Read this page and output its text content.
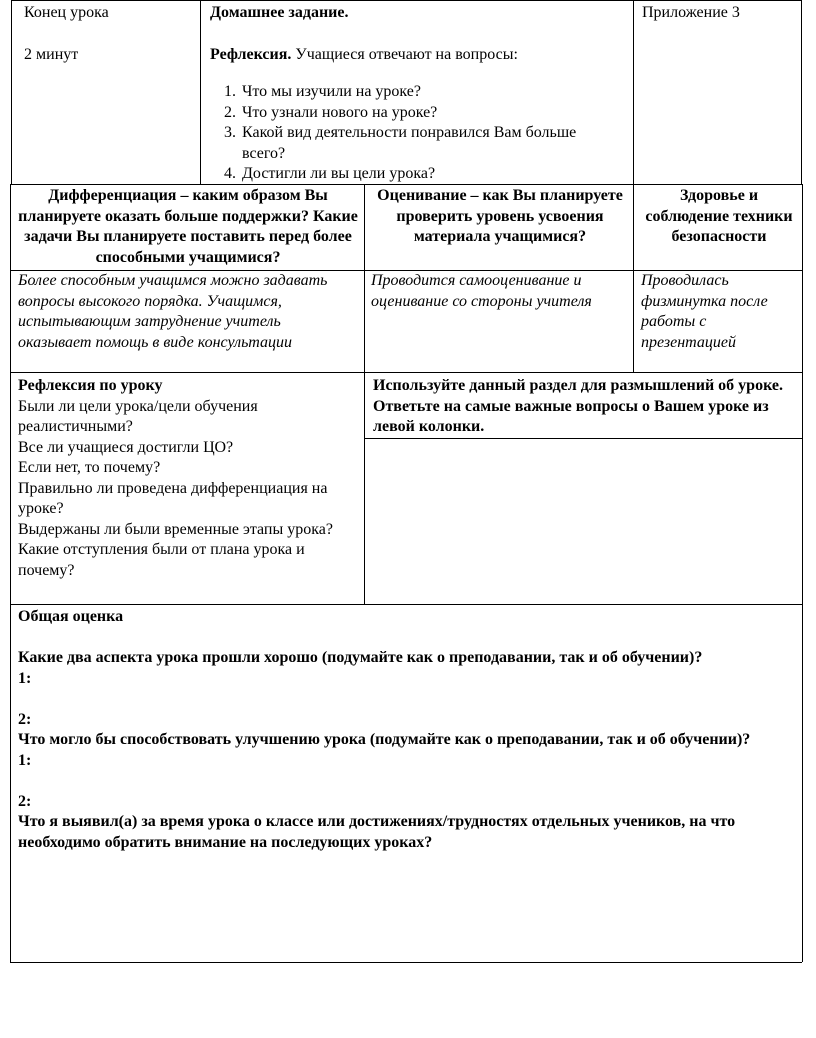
Конец урока

2 минут

Домашнее задание.

Рефлексия. Учащиеся отвечают на вопросы:

1. Что мы изучили на уроке?
2. Что узнали нового на уроке?
3. Какой вид деятельности понравился Вам больше всего?
4. Достигли ли вы цели урока?

Приложение 3

Дифференциация – каким образом Вы планируете оказать больше поддержки? Какие задачи Вы планируете поставить перед более способными учащимися?
Оценивание – как Вы планируете проверить уровень усвоения материала учащимися?
Здоровье и соблюдение техники безопасности
Более способным учащимся можно задавать вопросы высокого порядка. Учащимся, испытывающим затруднение учитель оказывает помощь в виде консультации
Проводится самооценивание и оценивание со стороны учителя
Проводилась физминутка после работы с презентацией

Рефлексия по уроку

Были ли цели урока/цели обучения реалистичными?

Все ли учащиеся достигли ЦО?

Если нет, то почему?

Правильно ли проведена дифференциация на уроке?

Выдержаны ли были временные этапы урока?

Какие отступления были от плана урока и почему?

Используйте данный раздел для размышлений об уроке. Ответьте на самые важные вопросы о Вашем уроке из левой колонки.

Общая оценка

Какие два аспекта урока прошли хорошо (подумайте как о преподавании, так и об обучении)?

1:

2:

Что могло бы способствовать улучшению урока (подумайте как о преподавании, так и об обучении)?

1:

2:

Что я выявил(а) за время урока о классе или достижениях/трудностях отдельных учеников, на что необходимо обратить внимание на последующих уроках?
